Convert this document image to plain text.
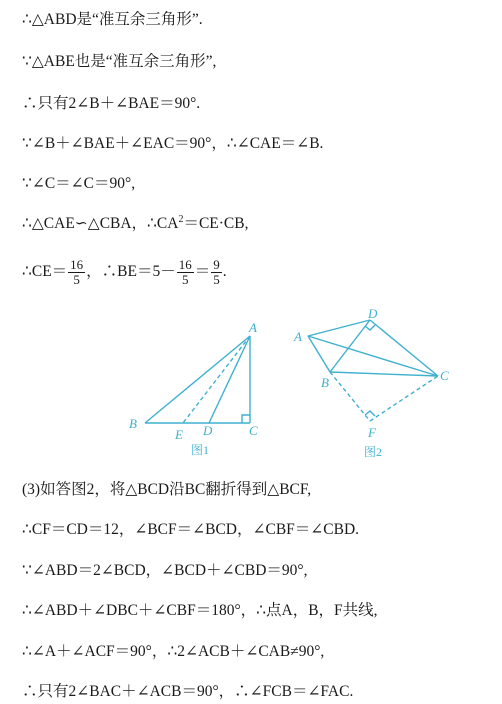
∴△ABD是“准互余三角形”.
∵△ABE也是“准互余三角形”,
∴只有2∠B＋∠BAE＝90°.
∵∠B＋∠BAE＋∠EAC＝90°，∴∠CAE＝∠B.
∵∠C＝∠C＝90°,
∴△CAE∽△CBA，$\therefore CA^2=CE\cdot CB$,
∴CE＝ $\frac{16}{5}$ ，∴BE＝5－ $\frac{16}{5} = \frac{9}{5}$ .
A
B
E D	C
图1
A
D
B	C
F
图2
(3)如答图2，将△BCD沿BC翻折得到△BCF,
∴CF＝CD＝12，∠BCF＝∠BCD，∠CBF＝∠CBD.
∵∠ABD＝2∠BCD，∠BCD＋∠CBD＝90°,
∴∠ABD＋∠DBC＋∠CBF＝180°，∴点A，B，F共线,
∴∠A＋∠ACF＝90°，∴2∠ACB＋∠CAB≠90°,
∴只有2∠BAC＋∠ACB＝90°，∴∠FCB＝∠FAC.
